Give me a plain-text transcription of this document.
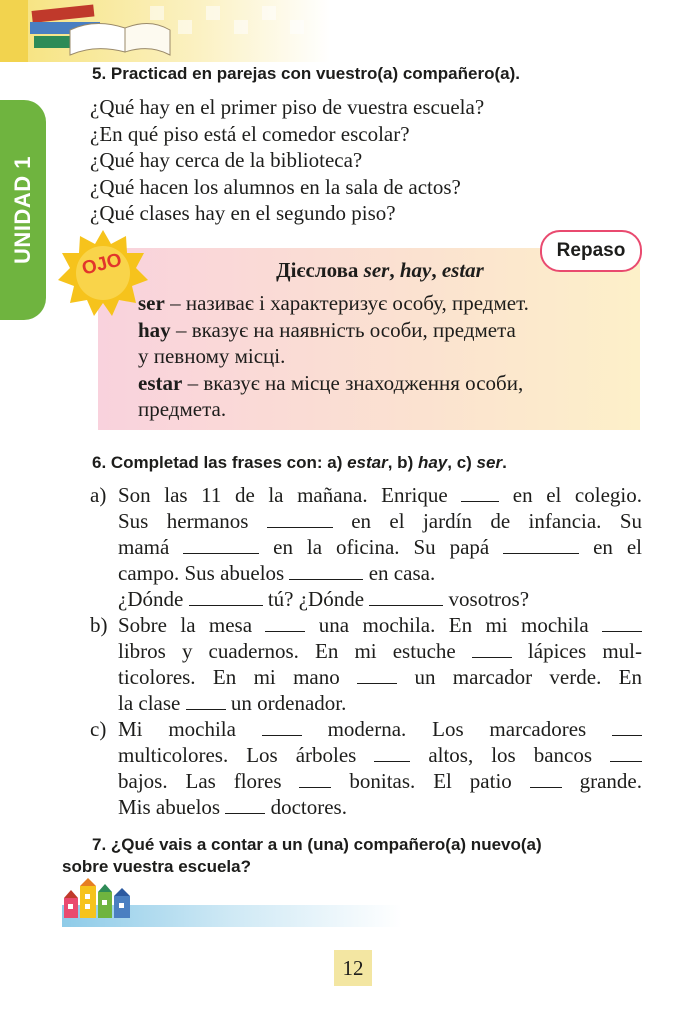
UNIDAD 1
5. Practicad en parejas con vuestro(a) compañero(a).
¿Qué hay en el primer piso de vuestra escuela?
¿En qué piso está el comedor escolar?
¿Qué hay cerca de la biblioteca?
¿Qué hacen los alumnos en la sala de actos?
¿Qué clases hay en el segundo piso?
OJO	Repaso
Дієслова ser, hay, estar
ser – називає і характеризує особу, предмет.
hay – вказує на наявність особи, предмета
у певному місці.
estar – вказує на місце знаходження особи,
предмета.
6. Completad las frases con: a) estar, b) hay, c) ser.
a)
b)
c)
Son las 11 de la mañana. Enrique  en el colegio.
Sus hermanos	en el jardín de infancia. Su
mamá	en la oficina. Su papá	en el
campo. Sus abuelos	en casa.
¿Dónde	tú? ¿Dónde	vosotros?
Sobre la mesa  una mochila. En mi mochila
libros y cuadernos. En mi estuche  lápices mul-
ticolores. En mi mano  un marcador verde. En
la clase  un ordenador.
Mi mochila  moderna. Los marcadores
multicolores. Los árboles  altos, los bancos
bajos. Las flores  bonitas. El patio  grande.
Mis abuelos  doctores.
7. ¿Qué vais a contar a un (una) compañero(a) nuevo(a)
sobre vuestra escuela?
12
